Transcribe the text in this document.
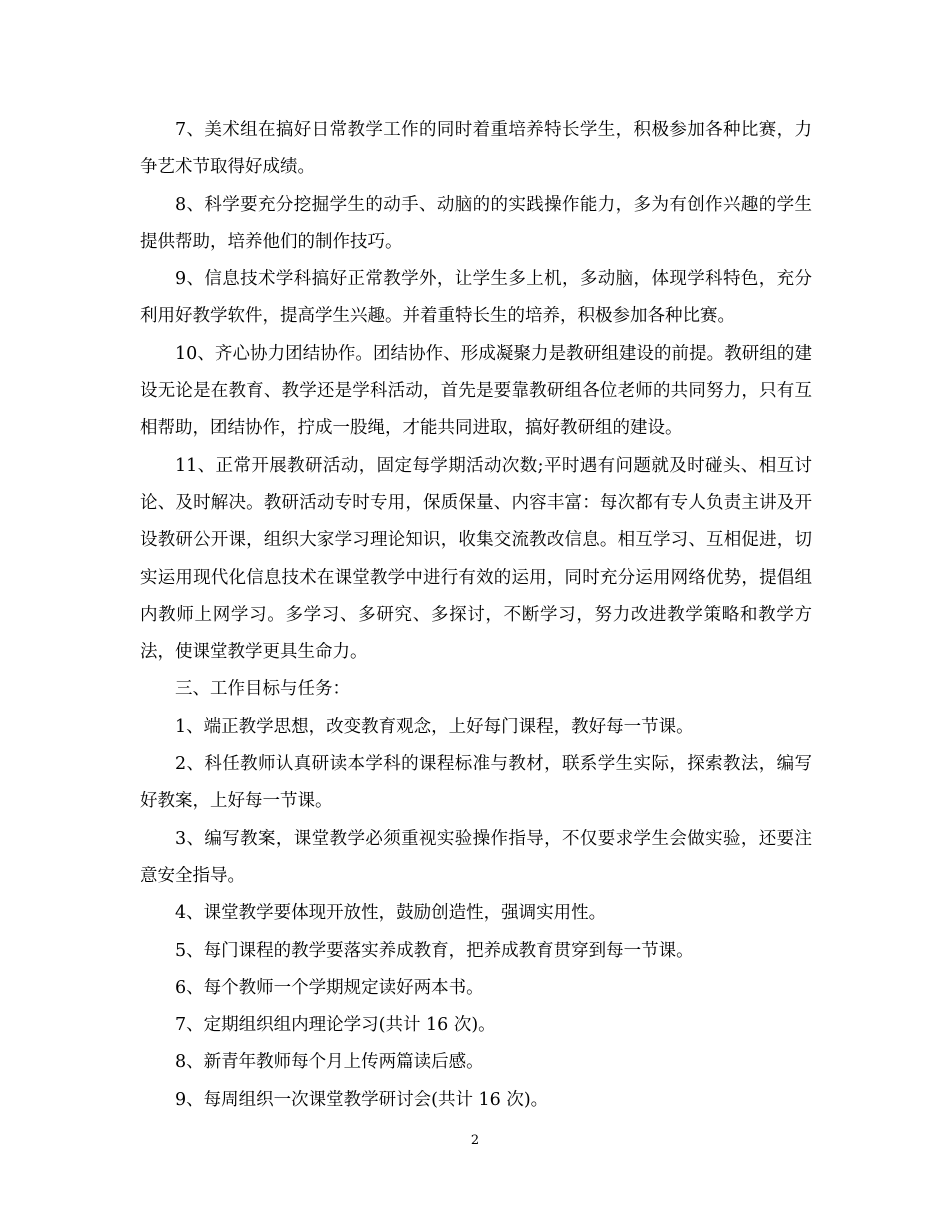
7、美术组在搞好日常教学工作的同时着重培养特长学生，积极参加各种比赛，力争艺术节取得好成绩。

8、科学要充分挖掘学生的动手、动脑的的实践操作能力，多为有创作兴趣的学生提供帮助，培养他们的制作技巧。

9、信息技术学科搞好正常教学外，让学生多上机，多动脑，体现学科特色，充分利用好教学软件，提高学生兴趣。并着重特长生的培养，积极参加各种比赛。

10、齐心协力团结协作。团结协作、形成凝聚力是教研组建设的前提。教研组的建设无论是在教育、教学还是学科活动，首先是要靠教研组各位老师的共同努力，只有互相帮助，团结协作，拧成一股绳，才能共同进取，搞好教研组的建设。

11、正常开展教研活动，固定每学期活动次数;平时遇有问题就及时碰头、相互讨论、及时解决。教研活动专时专用，保质保量、内容丰富：每次都有专人负责主讲及开设教研公开课，组织大家学习理论知识，收集交流教改信息。相互学习、互相促进，切实运用现代化信息技术在课堂教学中进行有效的运用，同时充分运用网络优势，提倡组内教师上网学习。多学习、多研究、多探讨，不断学习，努力改进教学策略和教学方法，使课堂教学更具生命力。

三、工作目标与任务：

1、端正教学思想，改变教育观念，上好每门课程，教好每一节课。

2、科任教师认真研读本学科的课程标准与教材，联系学生实际，探索教法，编写好教案，上好每一节课。

3、编写教案，课堂教学必须重视实验操作指导，不仅要求学生会做实验，还要注意安全指导。

4、课堂教学要体现开放性，鼓励创造性，强调实用性。

5、每门课程的教学要落实养成教育，把养成教育贯穿到每一节课。

6、每个教师一个学期规定读好两本书。

7、定期组织组内理论学习(共计 16 次)。

8、新青年教师每个月上传两篇读后感。

9、每周组织一次课堂教学研讨会(共计 16 次)。

2
